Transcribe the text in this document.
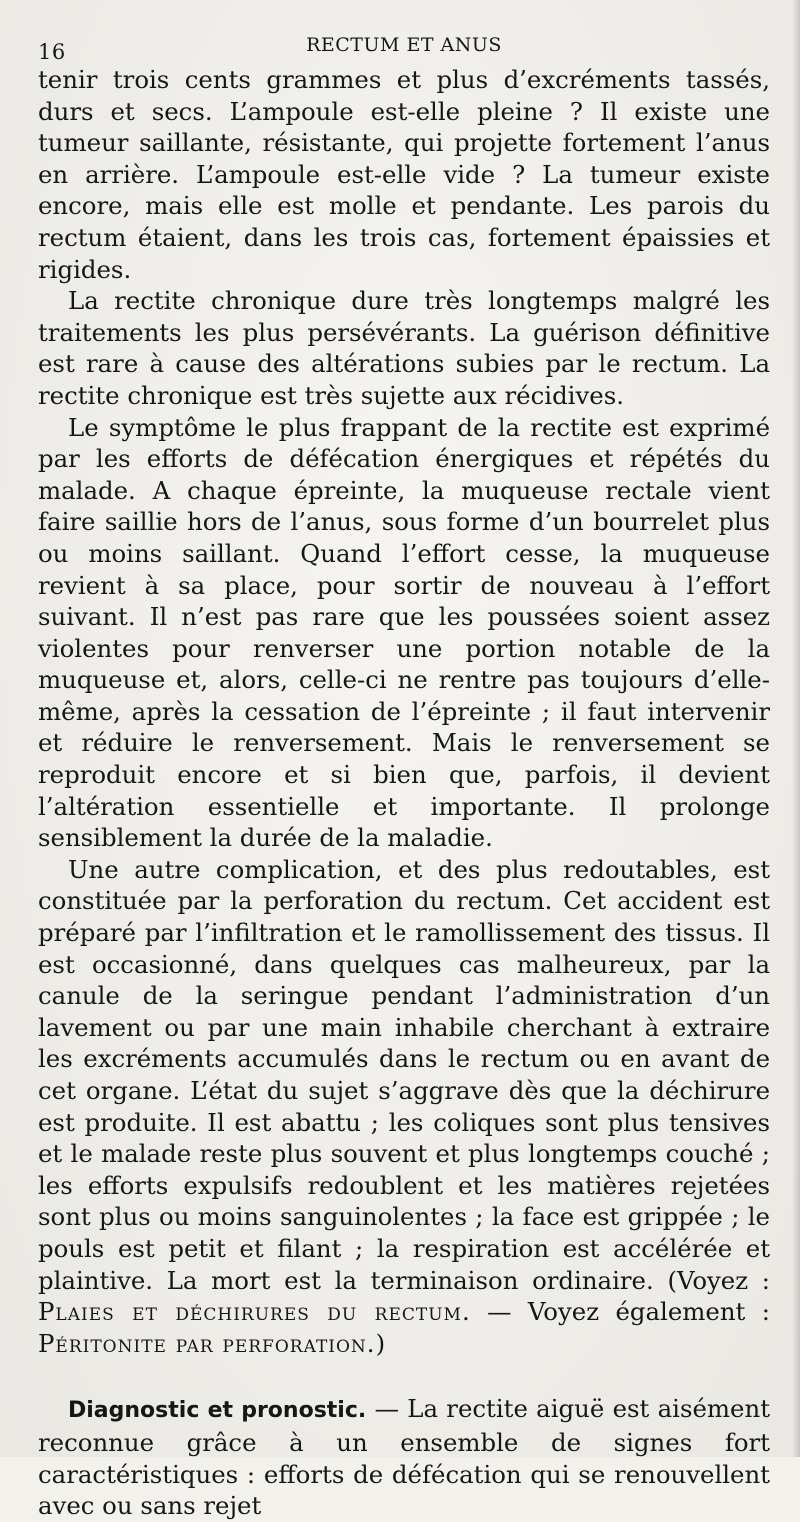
16	RECTUM ET ANUS

tenir trois cents grammes et plus d’excréments tassés, durs et secs. L’ampoule est-elle pleine ? Il existe une tumeur saillante, résistante, qui projette fortement l’anus en arrière. L’ampoule est-elle vide ? La tumeur existe encore, mais elle est molle et pendante. Les parois du rectum étaient, dans les trois cas, fortement épaissies et rigides.

La rectite chronique dure très longtemps malgré les traitements les plus persévérants. La guérison définitive est rare à cause des altérations subies par le rectum. La rectite chronique est très sujette aux récidives.

Le symptôme le plus frappant de la rectite est exprimé par les efforts de défécation énergiques et répétés du malade. A chaque épreinte, la muqueuse rectale vient faire saillie hors de l’anus, sous forme d’un bourrelet plus ou moins saillant. Quand l’effort cesse, la muqueuse revient à sa place, pour sortir de nouveau à l’effort suivant. Il n’est pas rare que les poussées soient assez violentes pour renverser une portion notable de la muqueuse et, alors, celle-ci ne rentre pas toujours d’elle-même, après la cessation de l’épreinte ; il faut intervenir et réduire le renversement. Mais le renversement se reproduit encore et si bien que, parfois, il devient l’altération essentielle et importante. Il prolonge sensiblement la durée de la maladie.

Une autre complication, et des plus redoutables, est constituée par la perforation du rectum. Cet accident est préparé par l’infiltration et le ramollissement des tissus. Il est occasionné, dans quelques cas malheureux, par la canule de la seringue pendant l’administration d’un lavement ou par une main inhabile cherchant à extraire les excréments accumulés dans le rectum ou en avant de cet organe. L’état du sujet s’aggrave dès que la déchirure est produite. Il est abattu ; les coliques sont plus tensives et le malade reste plus souvent et plus longtemps couché ; les efforts expulsifs redoublent et les matières rejetées sont plus ou moins sanguinolentes ; la face est grippée ; le pouls est petit et filant ; la respiration est accélérée et plaintive. La mort est la terminaison ordinaire. (Voyez : Plaies et déchirures du rectum. — Voyez également : Péritonite par perforation.)

Diagnostic et pronostic. — La rectite aiguë est aisément reconnue grâce à un ensemble de signes fort caractéristiques : efforts de défécation qui se renouvellent avec ou sans rejet
